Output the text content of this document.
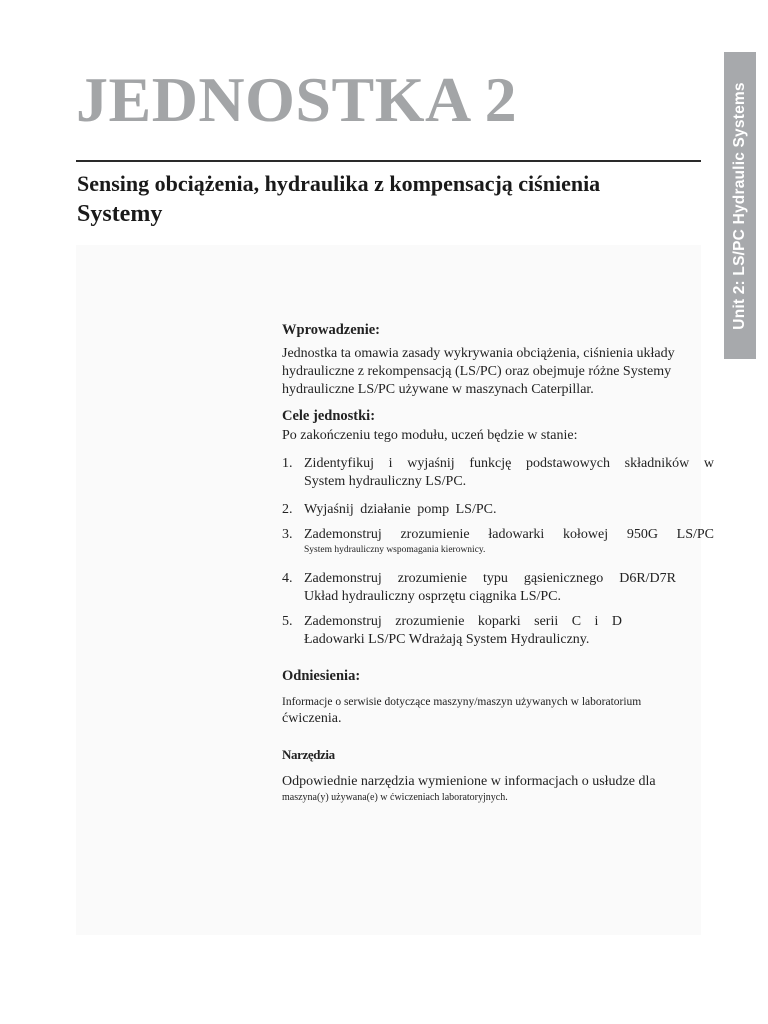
JEDNOSTKA 2
Sensing obciążenia, hydraulika z kompensacją ciśnienia
Systemy	Unit 2: LS/PC Hydraulic Systems
Wprowadzenie:

Jednostka ta omawia zasady wykrywania obciążenia, ciśnienia układy hydrauliczne z rekompensacją (LS/PC) oraz obejmuje różne Systemy hydrauliczne LS/PC używane w maszynach Caterpillar.

Cele jednostki:

Po zakończeniu tego modułu, uczeń będzie w stanie:

1. Zidentyfikuj i wyjaśnij funkcję podstawowych składników w
System hydrauliczny LS/PC.
2. Wyjaśnij działanie pomp LS/PC.
3. Zademonstruj zrozumienie ładowarki kołowej 950G LS/PC
System hydrauliczny wspomagania kierownicy.
4. Zademonstruj zrozumienie typu gąsienicznego D6R/D7R
Układ hydrauliczny osprzętu ciągnika LS/PC.
5. Zademonstruj zrozumienie koparki serii C i D
Ładowarki LS/PC Wdrażają System Hydrauliczny.
Odniesienia:

Informacje o serwisie dotyczące maszyny/maszyn używanych w laboratorium

ćwiczenia.

Narzędzia

Odpowiednie narzędzia wymienione w informacjach o usłudze dla

maszyna(y) używana(e) w ćwiczeniach laboratoryjnych.
